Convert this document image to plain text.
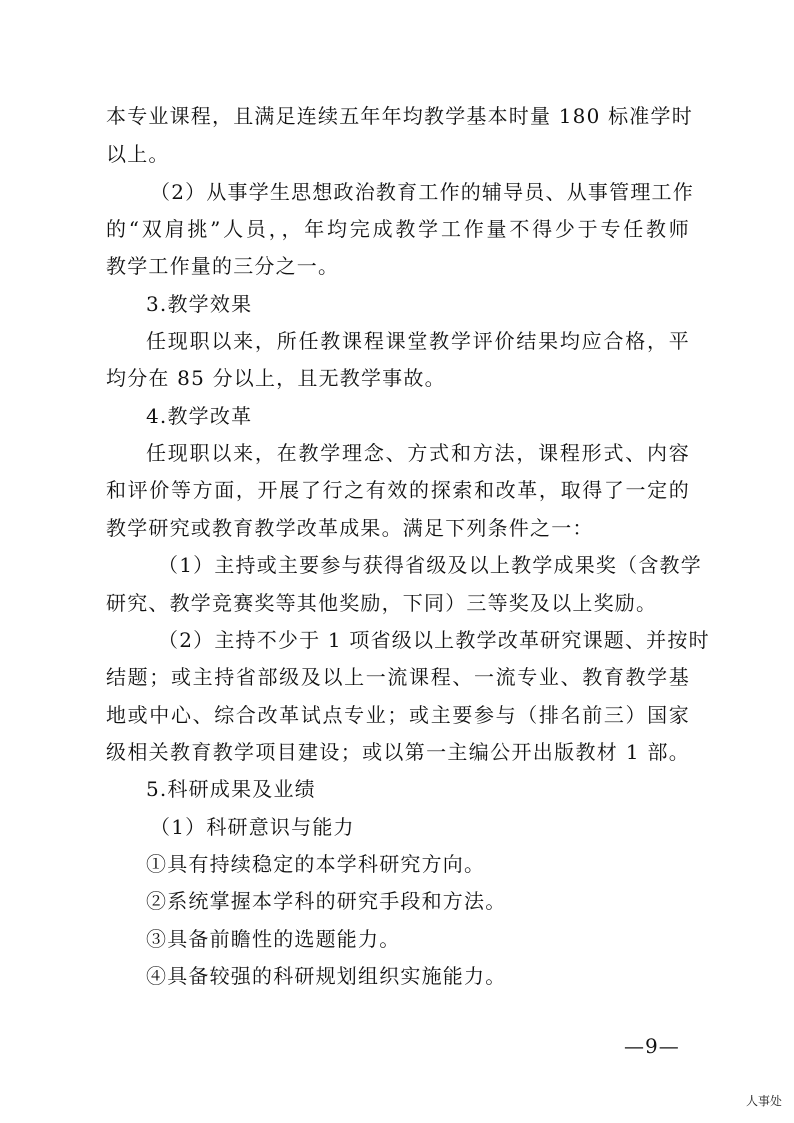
本专业课程，且满足连续五年年均教学基本时量 180 标准学时
以上。
（2）从事学生思想政治教育工作的辅导员、从事管理工作
的“双肩挑”人员，，年均完成教学工作量不得少于专任教师
教学工作量的三分之一。
3.教学效果
任现职以来，所任教课程课堂教学评价结果均应合格，平
均分在 85 分以上，且无教学事故。
4.教学改革
任现职以来，在教学理念、方式和方法，课程形式、内容
和评价等方面，开展了行之有效的探索和改革，取得了一定的
教学研究或教育教学改革成果。满足下列条件之一：
（1）主持或主要参与获得省级及以上教学成果奖（含教学
研究、教学竞赛奖等其他奖励，下同）三等奖及以上奖励。
（2）主持不少于 1 项省级以上教学改革研究课题、并按时
结题；或主持省部级及以上一流课程、一流专业、教育教学基
地或中心、综合改革试点专业；或主要参与（排名前三）国家
级相关教育教学项目建设；或以第一主编公开出版教材 1 部。
5.科研成果及业绩
（1）科研意识与能力
①具有持续稳定的本学科研究方向。
②系统掌握本学科的研究手段和方法。
③具备前瞻性的选题能力。
④具备较强的科研规划组织实施能力。
—9—
人事处
